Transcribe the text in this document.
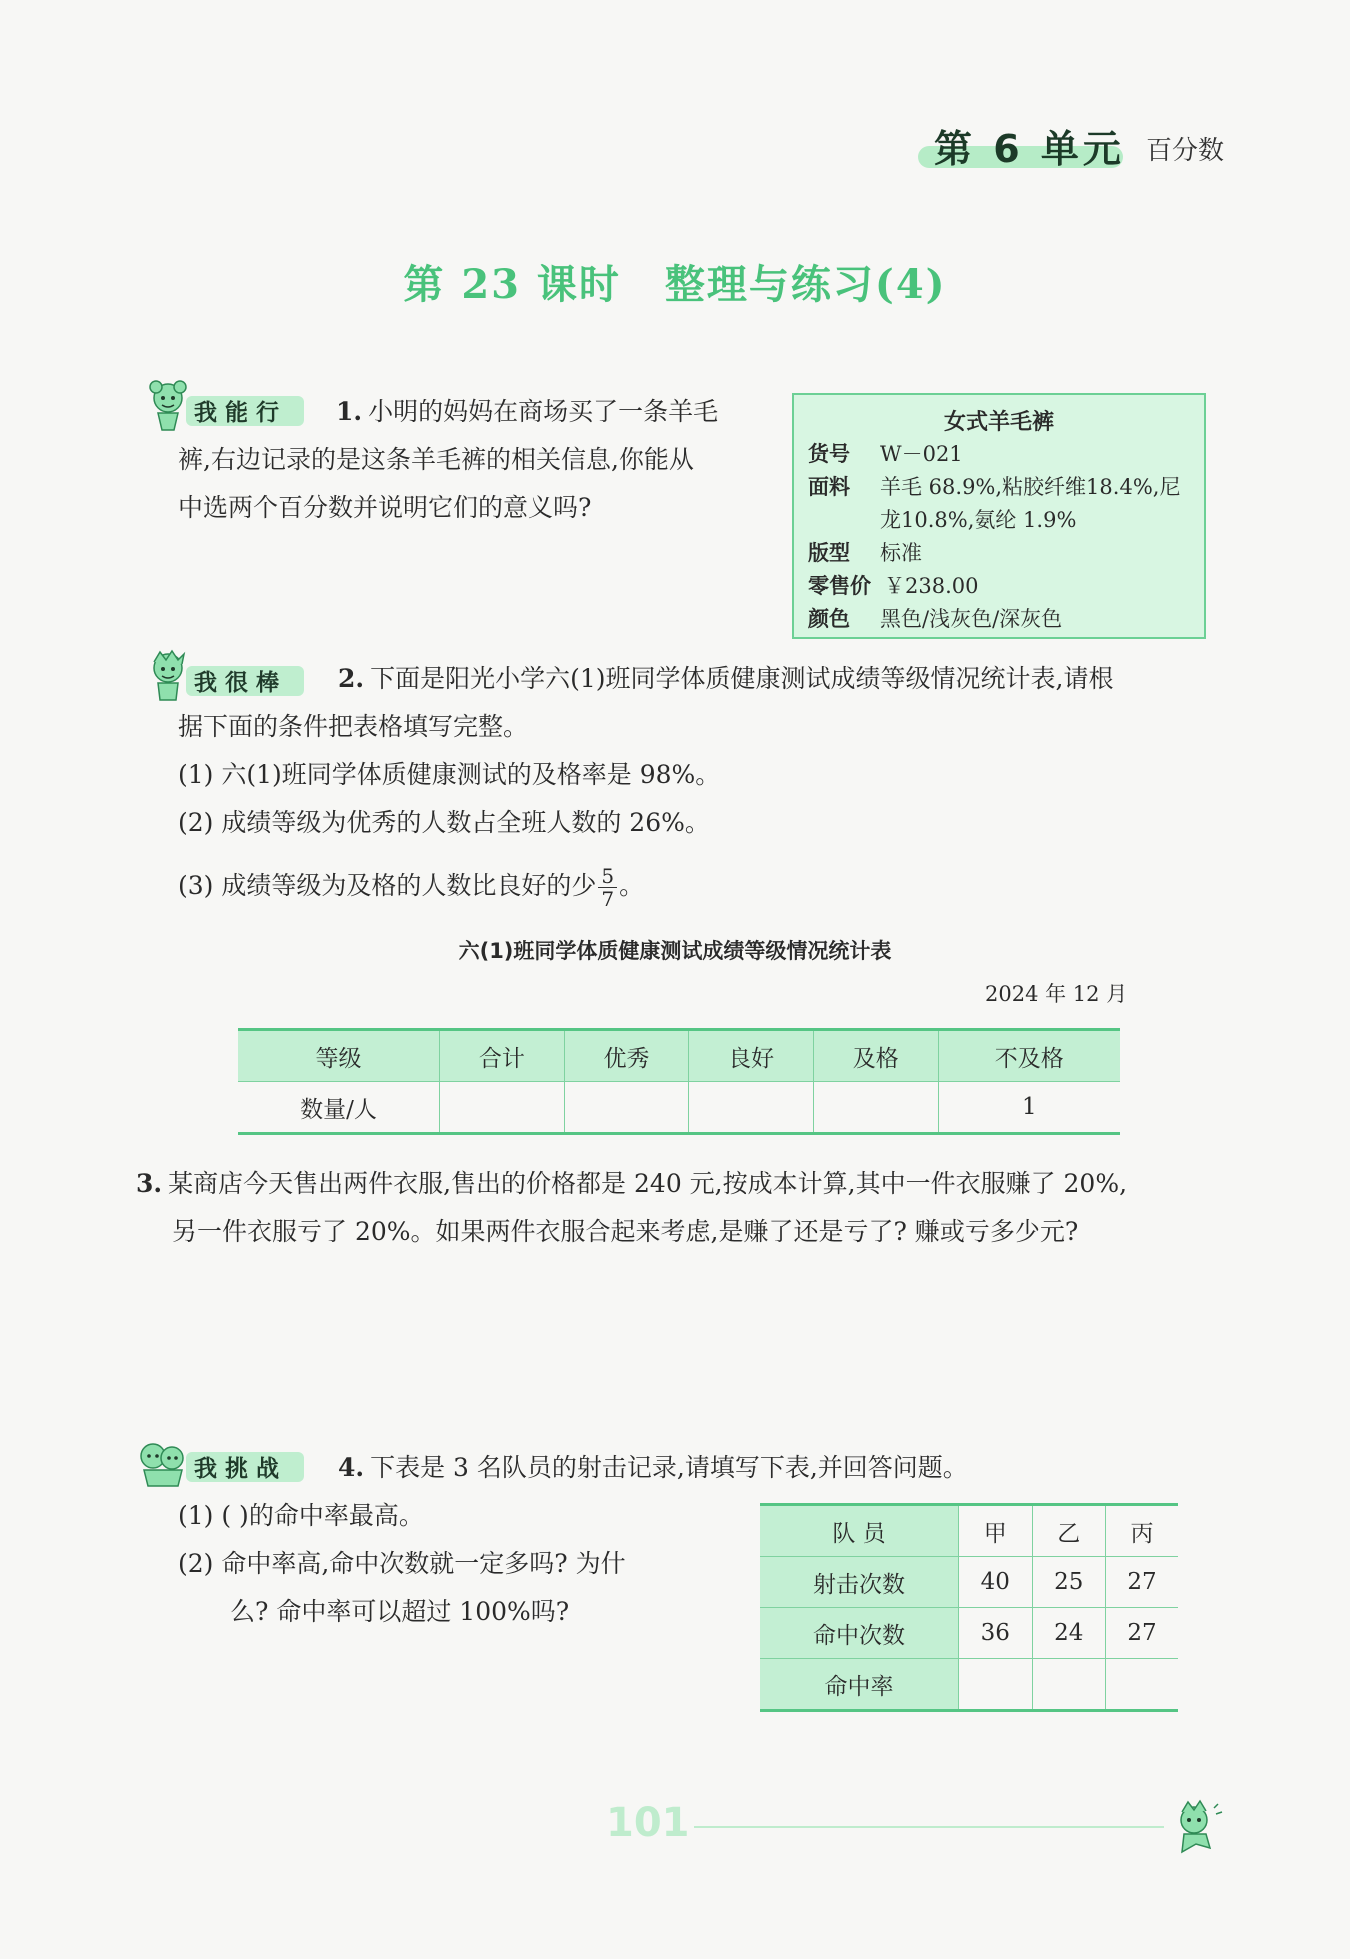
第 6 单元 百分数
第 23 课时 整理与练习(4)
我能行 1. 小明的妈妈在商场买了一条羊毛
裤,右边记录的是这条羊毛裤的相关信息,你能从
中选两个百分数并说明它们的意义吗?
女式羊毛裤
货号	W－021
面料	羊毛 68.9%,粘胶纤维18.4%,尼
龙10.8%,氨纶 1.9%
版型	标准
零售价 ￥238.00
颜色	黑色/浅灰色/深灰色
我很棒 2. 下面是阳光小学六(1)班同学体质健康测试成绩等级情况统计表,请根
据下面的条件把表格填写完整。
(1) 六(1)班同学体质健康测试的及格率是 98%。
(2) 成绩等级为优秀的人数占全班人数的 26%。
(3) 成绩等级为及格的人数比良好的少 $\frac{5}{7}$ 。
六(1)班同学体质健康测试成绩等级情况统计表
2024 年 12 月
等级	合计	优秀	良好	及格	不及格
数量/人					1
3. 某商店今天售出两件衣服,售出的价格都是 240 元,按成本计算,其中一件衣服赚了 20%,
另一件衣服亏了 20%。如果两件衣服合起来考虑,是赚了还是亏了? 赚或亏多少元?
我挑战 4. 下表是 3 名队员的射击记录,请填写下表,并回答问题。
(1) ( )的命中率最高。
(2) 命中率高,命中次数就一定多吗? 为什
么? 命中率可以超过 100%吗?
队 员	甲	乙	丙
射击次数	40	25	27
命中次数	36	24	27
命中率			
101
